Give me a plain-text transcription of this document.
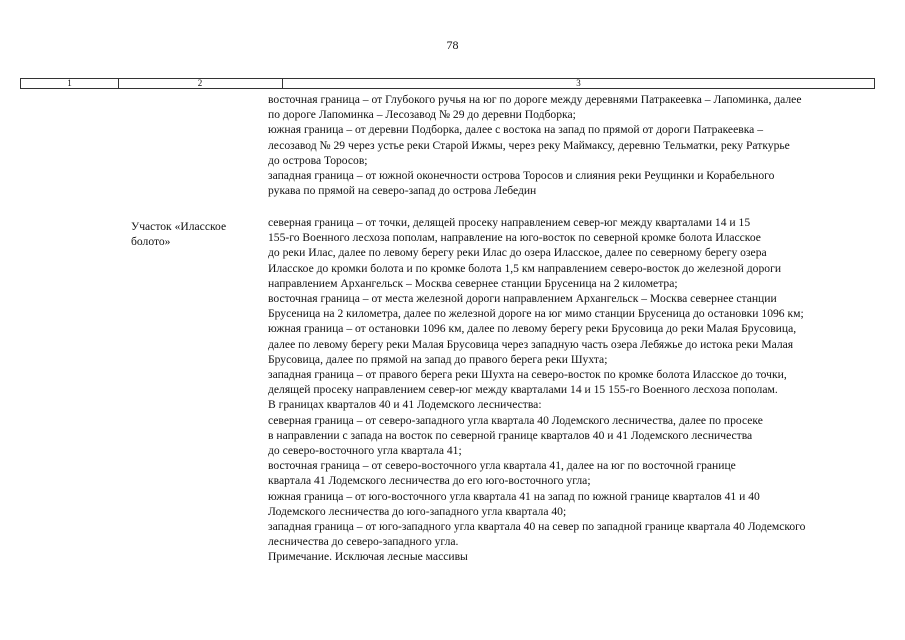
78
1	2	3
восточная граница – от Глубокого ручья на юг по дороге между деревнями Патракеевка – Лапоминка, далее
по дороге Лапоминка – Лесозавод № 29 до деревни Подборка;
южная граница – от деревни Подборка, далее с востока на запад по прямой от дороги Патракеевка –
лесозавод № 29 через устье реки Старой Ижмы, через реку Маймаксу, деревню Тельматки, реку Раткурье
до острова Торосов;
западная граница – от южной оконечности острова Торосов и слияния реки Реущинки и Корабельного
рукава по прямой на северо-запад до острова Лебедин
Участок «Иласское
болото»
северная граница – от точки, делящей просеку направлением север-юг между кварталами 14 и 15
155-го Военного лесхоза пополам, направление на юго-восток по северной кромке болота Иласское
до реки Илас, далее по левому берегу реки Илас до озера Иласское, далее по северному берегу озера
Иласское до кромки болота и по кромке болота 1,5 км направлением северо-восток до железной дороги
направлением Архангельск – Москва севернее станции Брусеница на 2 километра;
восточная граница – от места железной дороги направлением Архангельск – Москва севернее станции
Брусеница на 2 километра, далее по железной дороге на юг мимо станции Брусеница до остановки 1096 км;
южная граница – от остановки 1096 км, далее по левому берегу реки Брусовица до реки Малая Брусовица,
далее по левому берегу реки Малая Брусовица через западную часть озера Лебяжье до истока реки Малая
Брусовица, далее по прямой на запад до правого берега реки Шухта;
западная граница – от правого берега реки Шухта на северо-восток по кромке болота Иласское до точки,
делящей просеку направлением север-юг между кварталами 14 и 15 155-го Военного лесхоза пополам.
В границах кварталов 40 и 41 Лодемского лесничества:
северная граница – от северо-западного угла квартала 40 Лодемского лесничества, далее по просеке
в направлении с запада на восток по северной границе кварталов 40 и 41 Лодемского лесничества
до северо-восточного угла квартала 41;
восточная граница – от северо-восточного угла квартала 41, далее на юг по восточной границе
квартала 41 Лодемского лесничества до его юго-восточного угла;
южная граница – от юго-восточного угла квартала 41 на запад по южной границе кварталов 41 и 40
Лодемского лесничества до юго-западного угла квартала 40;
западная граница – от юго-западного угла квартала 40 на север по западной границе квартала 40 Лодемского
лесничества до северо-западного угла.
Примечание. Исключая лесные массивы
